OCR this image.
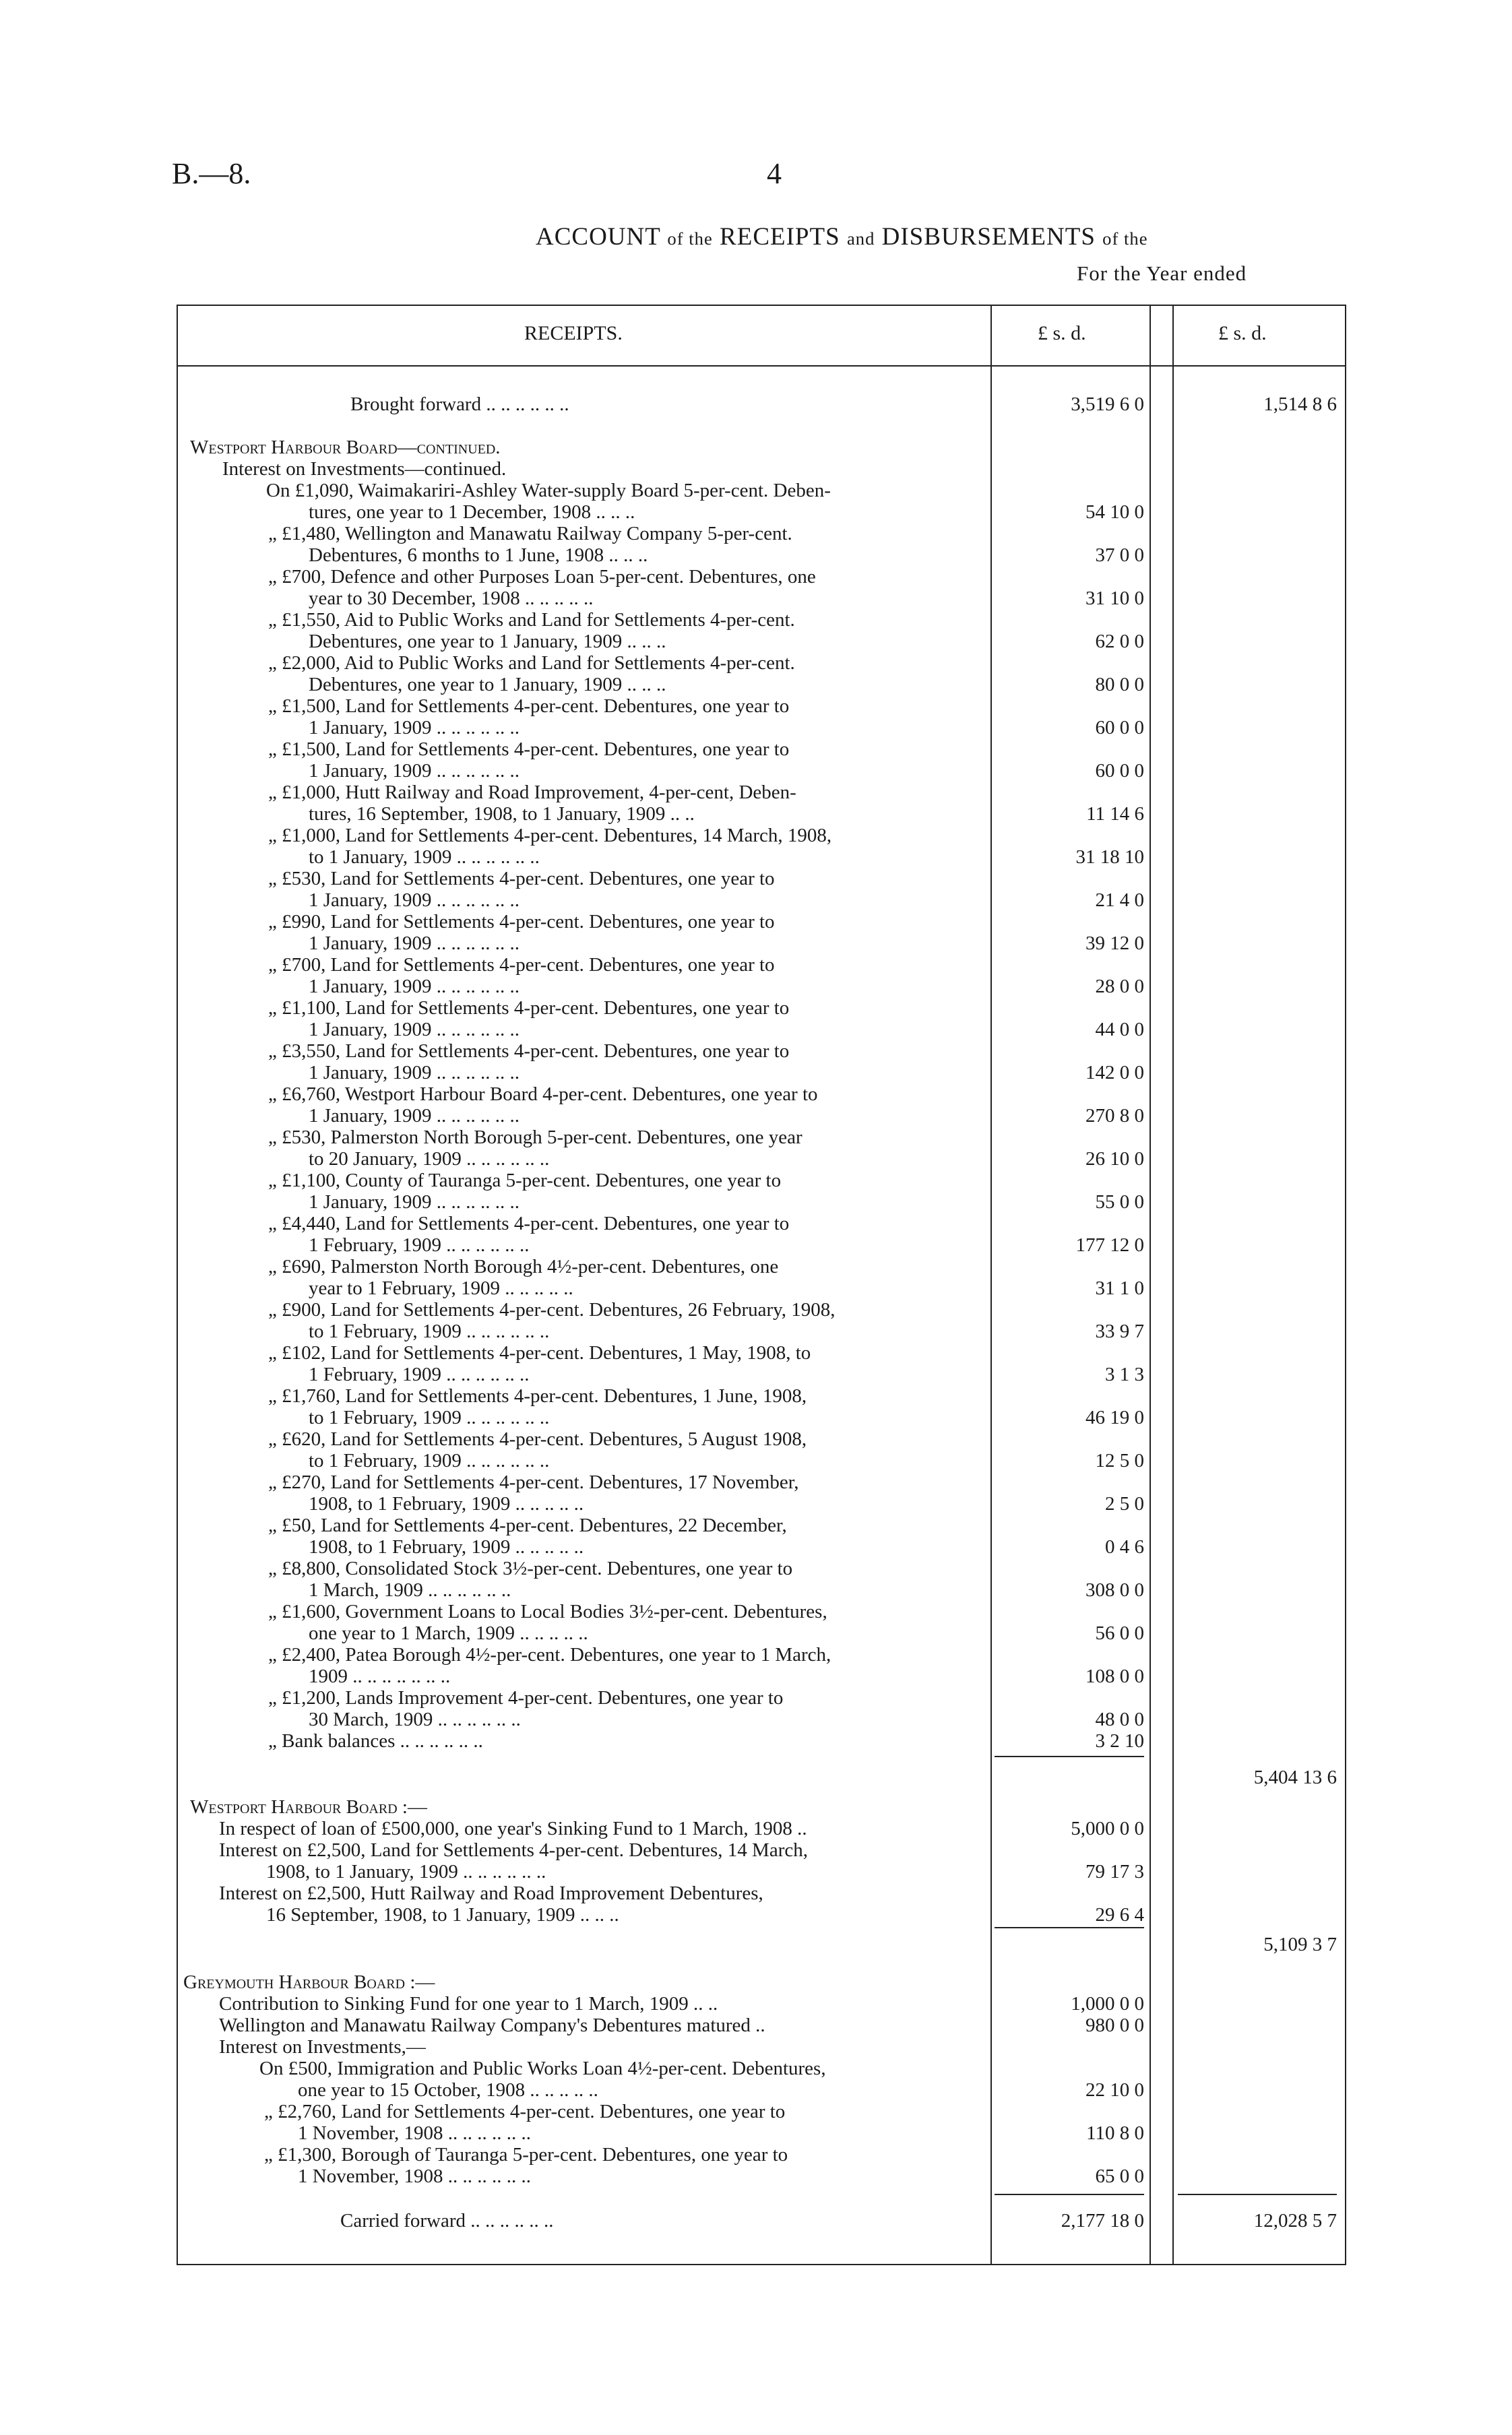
B.—8.	4
ACCOUNT of the RECEIPTS and DISBURSEMENTS of the
For the Year ended
RECEIPTS.	£ s. d.	£ s. d.
Brought forward .. .. .. .. .. ..	3,519 6 0	1,514 8 6
Westport Harbour Board—continued.
Interest on Investments—continued.
On £1,090, Waimakariri-Ashley Water-supply Board 5-per-cent. Deben-
tures, one year to 1 December, 1908 .. .. ..	54 10 0
„ £1,480, Wellington and Manawatu Railway Company 5-per-cent.
Debentures, 6 months to 1 June, 1908 .. .. ..	37 0 0
„ £700, Defence and other Purposes Loan 5-per-cent. Debentures, one
year to 30 December, 1908 .. .. .. .. ..	31 10 0
„ £1,550, Aid to Public Works and Land for Settlements 4-per-cent.
Debentures, one year to 1 January, 1909 .. .. ..	62 0 0
„ £2,000, Aid to Public Works and Land for Settlements 4-per-cent.
Debentures, one year to 1 January, 1909 .. .. ..	80 0 0
„ £1,500, Land for Settlements 4-per-cent. Debentures, one year to
1 January, 1909 .. .. .. .. .. ..	60 0 0
„ £1,500, Land for Settlements 4-per-cent. Debentures, one year to
1 January, 1909 .. .. .. .. .. ..	60 0 0
„ £1,000, Hutt Railway and Road Improvement, 4-per-cent, Deben-
tures, 16 September, 1908, to 1 January, 1909 .. ..	11 14 6
„ £1,000, Land for Settlements 4-per-cent. Debentures, 14 March, 1908,
to 1 January, 1909 .. .. .. .. .. ..	31 18 10
„ £530, Land for Settlements 4-per-cent. Debentures, one year to
1 January, 1909 .. .. .. .. .. ..	21 4 0
„ £990, Land for Settlements 4-per-cent. Debentures, one year to
1 January, 1909 .. .. .. .. .. ..	39 12 0
„ £700, Land for Settlements 4-per-cent. Debentures, one year to
1 January, 1909 .. .. .. .. .. ..	28 0 0
„ £1,100, Land for Settlements 4-per-cent. Debentures, one year to
1 January, 1909 .. .. .. .. .. ..	44 0 0
„ £3,550, Land for Settlements 4-per-cent. Debentures, one year to
1 January, 1909 .. .. .. .. .. ..	142 0 0
„ £6,760, Westport Harbour Board 4-per-cent. Debentures, one year to
1 January, 1909 .. .. .. .. .. ..	270 8 0
„ £530, Palmerston North Borough 5-per-cent. Debentures, one year
to 20 January, 1909 .. .. .. .. .. ..	26 10 0
„ £1,100, County of Tauranga 5-per-cent. Debentures, one year to
1 January, 1909 .. .. .. .. .. ..	55 0 0
„ £4,440, Land for Settlements 4-per-cent. Debentures, one year to
1 February, 1909 .. .. .. .. .. ..	177 12 0
„ £690, Palmerston North Borough 4½-per-cent. Debentures, one
year to 1 February, 1909 .. .. .. .. ..	31 1 0
„ £900, Land for Settlements 4-per-cent. Debentures, 26 February, 1908,
to 1 February, 1909 .. .. .. .. .. ..	33 9 7
„ £102, Land for Settlements 4-per-cent. Debentures, 1 May, 1908, to
1 February, 1909 .. .. .. .. .. ..	3 1 3
„ £1,760, Land for Settlements 4-per-cent. Debentures, 1 June, 1908,
to 1 February, 1909 .. .. .. .. .. ..	46 19 0
„ £620, Land for Settlements 4-per-cent. Debentures, 5 August 1908,
to 1 February, 1909 .. .. .. .. .. ..	12 5 0
„ £270, Land for Settlements 4-per-cent. Debentures, 17 November,
1908, to 1 February, 1909 .. .. .. .. ..	2 5 0
„ £50, Land for Settlements 4-per-cent. Debentures, 22 December,
1908, to 1 February, 1909 .. .. .. .. ..	0 4 6
„ £8,800, Consolidated Stock 3½-per-cent. Debentures, one year to
1 March, 1909 .. .. .. .. .. ..	308 0 0
„ £1,600, Government Loans to Local Bodies 3½-per-cent. Debentures,
one year to 1 March, 1909 .. .. .. .. ..	56 0 0
„ £2,400, Patea Borough 4½-per-cent. Debentures, one year to 1 March,
1909 .. .. .. .. .. .. ..	108 0 0
„ £1,200, Lands Improvement 4-per-cent. Debentures, one year to
30 March, 1909 .. .. .. .. .. ..	48 0 0
„ Bank balances .. .. .. .. .. ..	3 2 10
5,404 13 6
Westport Harbour Board :—
In respect of loan of £500,000, one year's Sinking Fund to 1 March, 1908 ..	5,000 0 0
Interest on £2,500, Land for Settlements 4-per-cent. Debentures, 14 March,
1908, to 1 January, 1909 .. .. .. .. .. ..	79 17 3
Interest on £2,500, Hutt Railway and Road Improvement Debentures,
16 September, 1908, to 1 January, 1909 .. .. ..	29 6 4
5,109 3 7
Greymouth Harbour Board :—
Contribution to Sinking Fund for one year to 1 March, 1909 .. ..	1,000 0 0
Wellington and Manawatu Railway Company's Debentures matured ..	980 0 0
Interest on Investments,—
On £500, Immigration and Public Works Loan 4½-per-cent. Debentures,
one year to 15 October, 1908 .. .. .. .. ..	22 10 0
„ £2,760, Land for Settlements 4-per-cent. Debentures, one year to
1 November, 1908 .. .. .. .. .. ..	110 8 0
„ £1,300, Borough of Tauranga 5-per-cent. Debentures, one year to
1 November, 1908 .. .. .. .. .. ..	65 0 0
Carried forward .. .. .. .. .. ..	2,177 18 0	12,028 5 7
